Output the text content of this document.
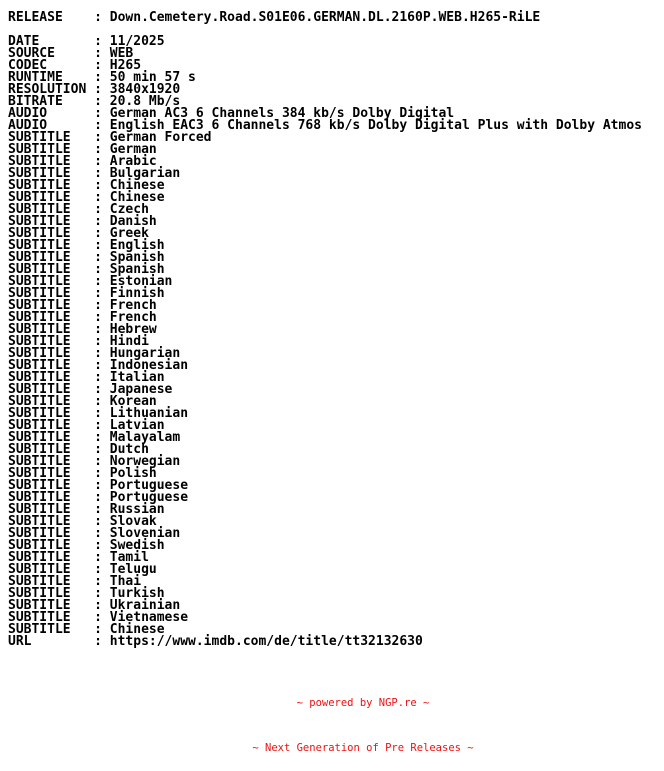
RELEASE    : Down.Cemetery.Road.S01E06.GERMAN.DL.2160P.WEB.H265-RiLE

DATE       : 11/2025
SOURCE     : WEB
CODEC      : H265
RUNTIME    : 50 min 57 s
RESOLUTION : 3840x1920
BITRATE    : 20.8 Mb/s
AUDIO      : German AC3 6 Channels 384 kb/s Dolby Digital
AUDIO      : English EAC3 6 Channels 768 kb/s Dolby Digital Plus with Dolby Atmos
SUBTITLE   : German Forced
SUBTITLE   : German
SUBTITLE   : Arabic
SUBTITLE   : Bulgarian
SUBTITLE   : Chinese
SUBTITLE   : Chinese
SUBTITLE   : Czech
SUBTITLE   : Danish
SUBTITLE   : Greek
SUBTITLE   : English
SUBTITLE   : Spanish
SUBTITLE   : Spanish
SUBTITLE   : Estonian
SUBTITLE   : Finnish
SUBTITLE   : French
SUBTITLE   : French
SUBTITLE   : Hebrew
SUBTITLE   : Hindi
SUBTITLE   : Hungarian
SUBTITLE   : Indonesian
SUBTITLE   : Italian
SUBTITLE   : Japanese
SUBTITLE   : Korean
SUBTITLE   : Lithuanian
SUBTITLE   : Latvian
SUBTITLE   : Malayalam
SUBTITLE   : Dutch
SUBTITLE   : Norwegian
SUBTITLE   : Polish
SUBTITLE   : Portuguese
SUBTITLE   : Portuguese
SUBTITLE   : Russian
SUBTITLE   : Slovak
SUBTITLE   : Slovenian
SUBTITLE   : Swedish
SUBTITLE   : Tamil
SUBTITLE   : Telugu
SUBTITLE   : Thai
SUBTITLE   : Turkish
SUBTITLE   : Ukrainian
SUBTITLE   : Vietnamese
SUBTITLE   : Chinese
URL        : https://www.imdb.com/de/title/tt32132630

~ powered by NGP.re ~

~ Next Generation of Pre Releases ~
